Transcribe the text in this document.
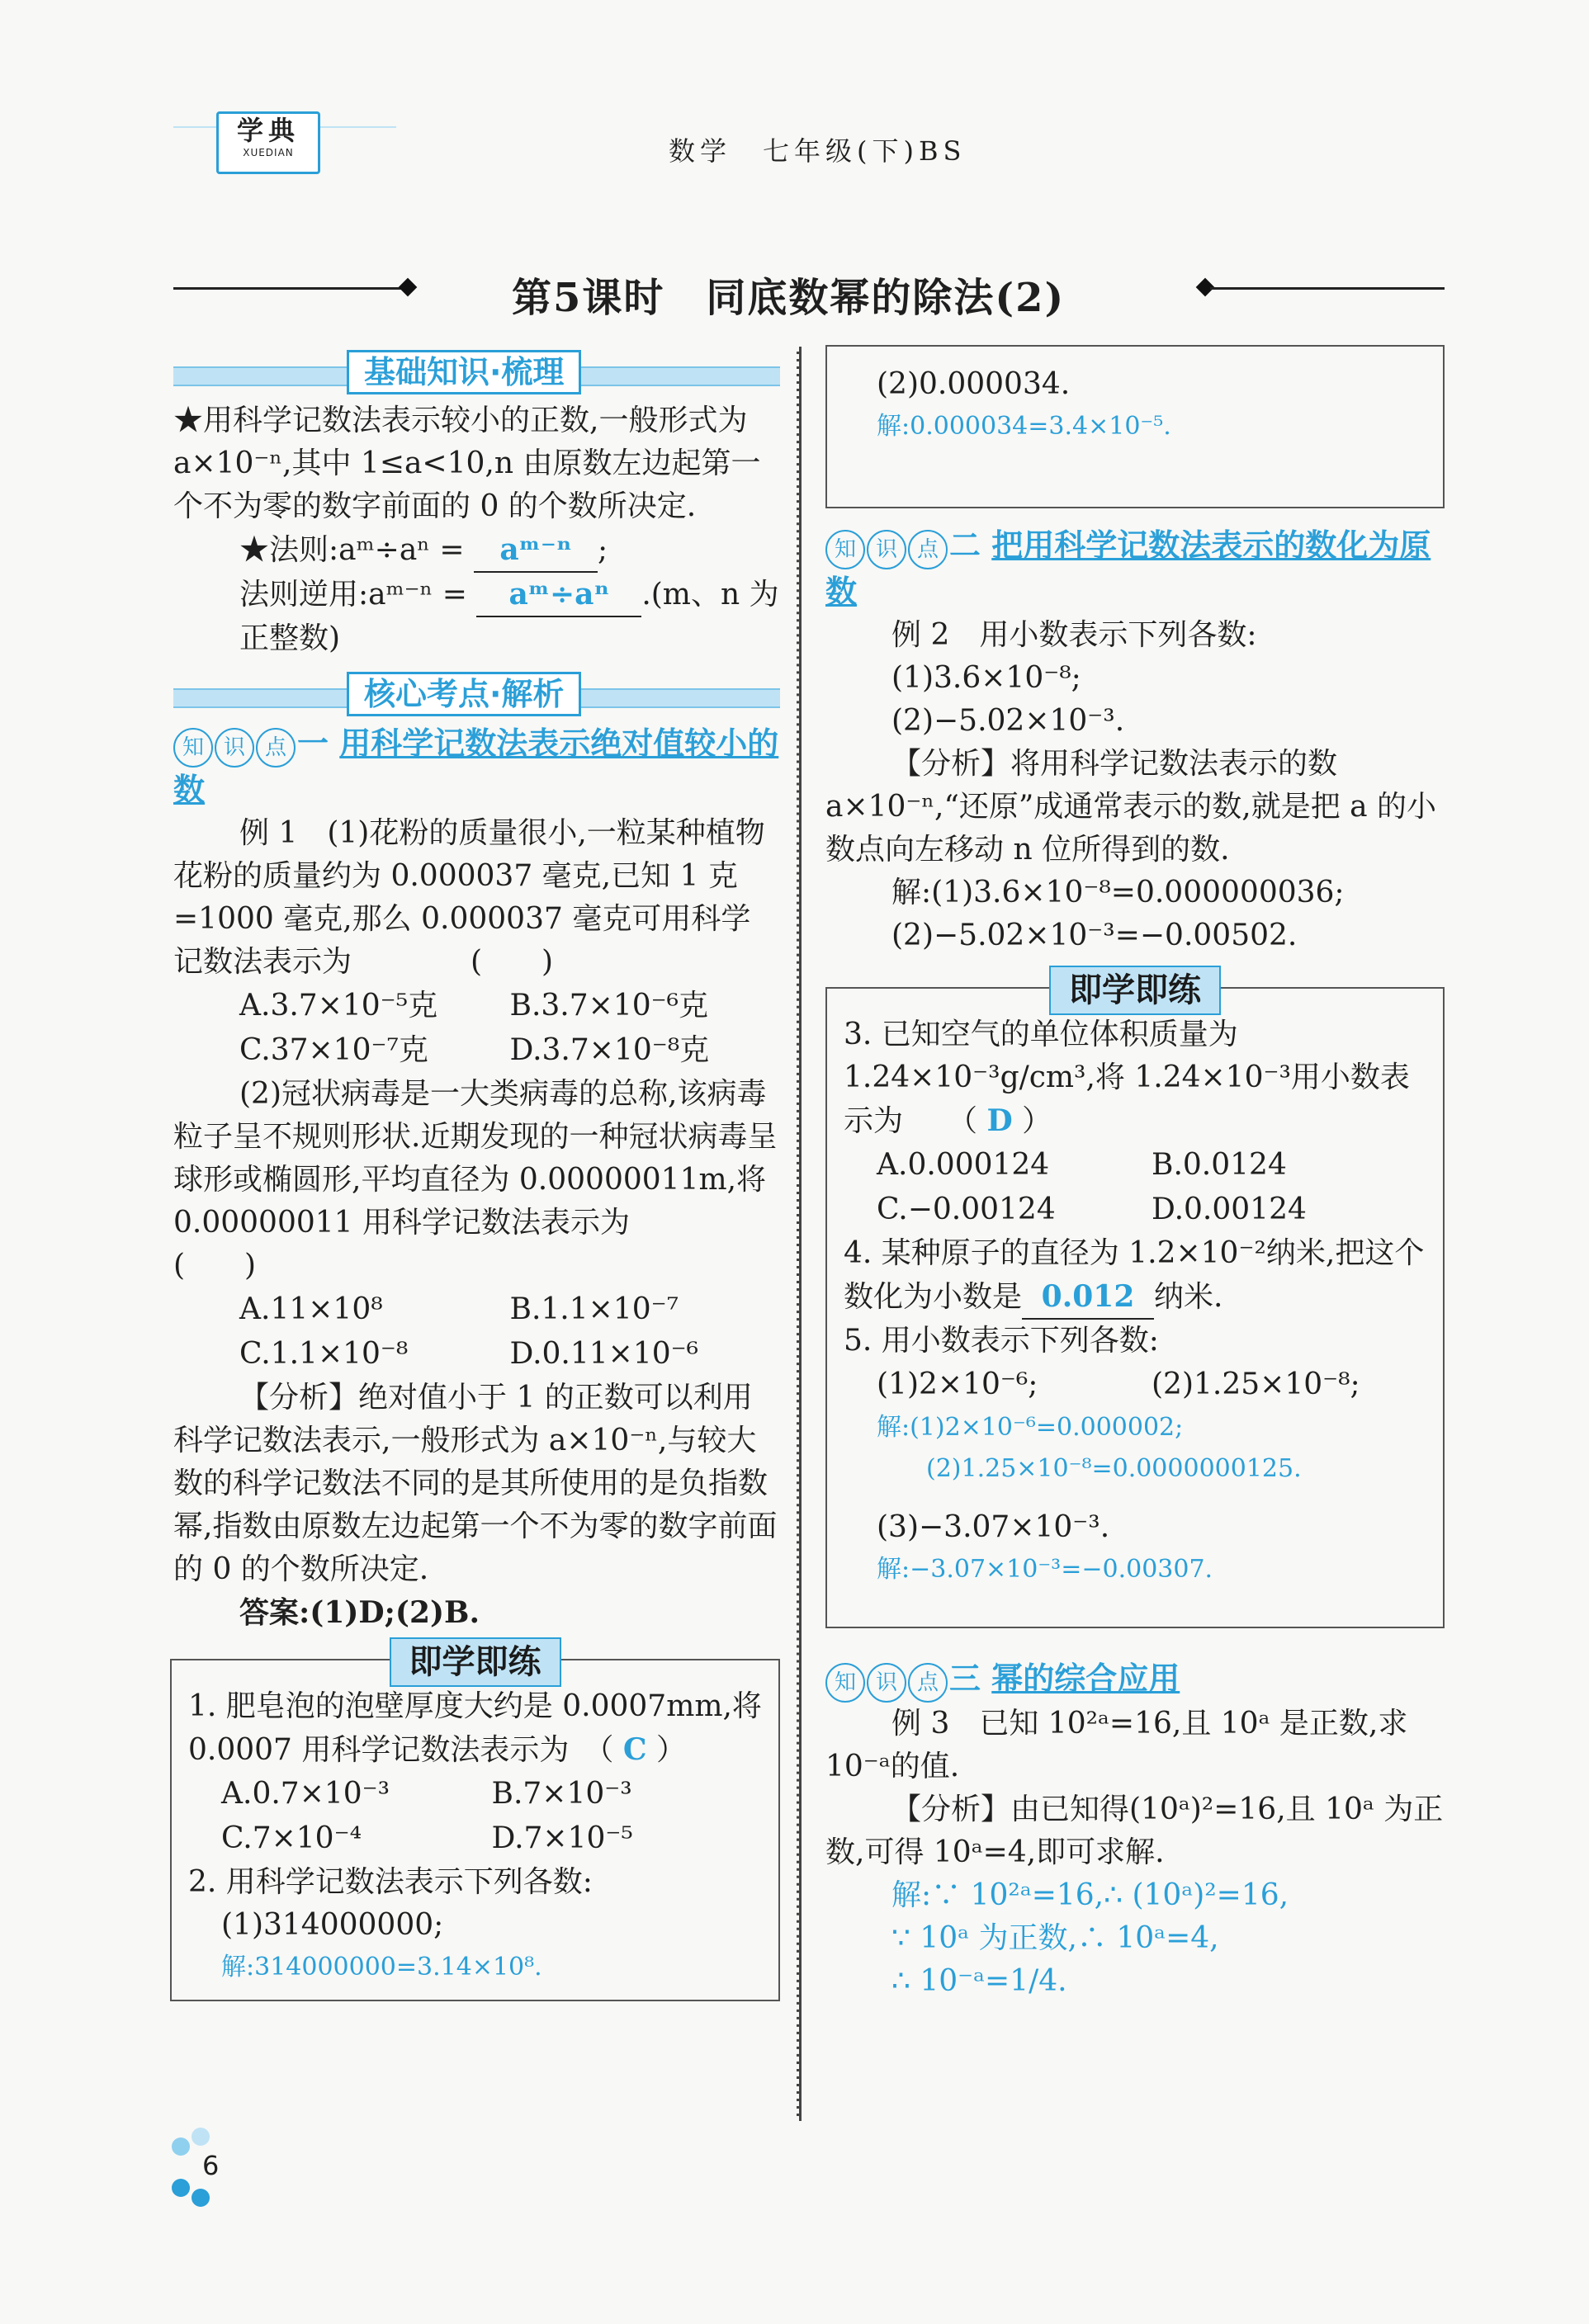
学典
XUEDIAN	数学　七年级(下)BS
第5课时　同底数幂的除法(2)
基础知识·梳理

★用科学记数法表示较小的正数,一般形式为 a×10⁻ⁿ,其中 1≤a<10,n 由原数左边起第一个不为零的数字前面的 0 的个数所决定.

★法则:aᵐ÷aⁿ = aᵐ⁻ⁿ ;

法则逆用:aᵐ⁻ⁿ = aᵐ÷aⁿ .(m、n 为正整数)

核心考点·解析
知 识 点 一 用科学记数法表示绝对值较小的数

例 1　(1)花粉的质量很小,一粒某种植物花粉的质量约为 0.000037 毫克,已知 1 克=1000 毫克,那么 0.000037 毫克可用科学记数法表示为　　　　(　　)

A.3.7×10⁻⁵克	B.3.7×10⁻⁶克
C.37×10⁻⁷克	D.3.7×10⁻⁸克

(2)冠状病毒是一大类病毒的总称,该病毒粒子呈不规则形状.近期发现的一种冠状病毒呈球形或椭圆形,平均直径为 0.00000011m,将 0.00000011 用科学记数法表示为　　　　(　　)

A.11×10⁸	B.1.1×10⁻⁷
C.1.1×10⁻⁸	D.0.11×10⁻⁶

【分析】绝对值小于 1 的正数可以利用科学记数法表示,一般形式为 a×10⁻ⁿ,与较大数的科学记数法不同的是其所使用的是负指数幂,指数由原数左边起第一个不为零的数字前面的 0 的个数所决定.

答案:(1)D;(2)B.

即学即练

1. 肥皂泡的泡壁厚度大约是 0.0007mm,将 0.0007 用科学记数法表示为　（ C ）

A.0.7×10⁻³	B.7×10⁻³
C.7×10⁻⁴	D.7×10⁻⁵

2. 用科学记数法表示下列各数:

(1)314000000;

解:314000000=3.14×10⁸.

(2)0.000034.

解:0.000034=3.4×10⁻⁵.

知 识 点 二 把用科学记数法表示的数化为原数

例 2　用小数表示下列各数:

(1)3.6×10⁻⁸;

(2)−5.02×10⁻³.

【分析】将用科学记数法表示的数 a×10⁻ⁿ,“还原”成通常表示的数,就是把 a 的小数点向左移动 n 位所得到的数.

解:(1)3.6×10⁻⁸=0.000000036;

(2)−5.02×10⁻³=−0.00502.

即学即练

3. 已知空气的单位体积质量为 1.24×10⁻³g/cm³,将 1.24×10⁻³用小数表示为　　（ D ）

A.0.000124	B.0.0124
C.−0.00124	D.0.00124

4. 某种原子的直径为 1.2×10⁻²纳米,把这个数化为小数是 0.012 纳米.

5. 用小数表示下列各数:

(1)2×10⁻⁶;	(2)1.25×10⁻⁸;

解:(1)2×10⁻⁶=0.000002;

(2)1.25×10⁻⁸=0.0000000125.

(3)−3.07×10⁻³.

解:−3.07×10⁻³=−0.00307.

知 识 点 三 幂的综合应用

例 3　已知 10²ᵃ=16,且 10ᵃ 是正数,求 10⁻ᵃ的值.

【分析】由已知得(10ᵃ)²=16,且 10ᵃ 为正数,可得 10ᵃ=4,即可求解.

解:∵ 10²ᵃ=16,∴ (10ᵃ)²=16,

∵ 10ᵃ 为正数,∴ 10ᵃ=4,

∴ 10⁻ᵃ=1/4.

6
